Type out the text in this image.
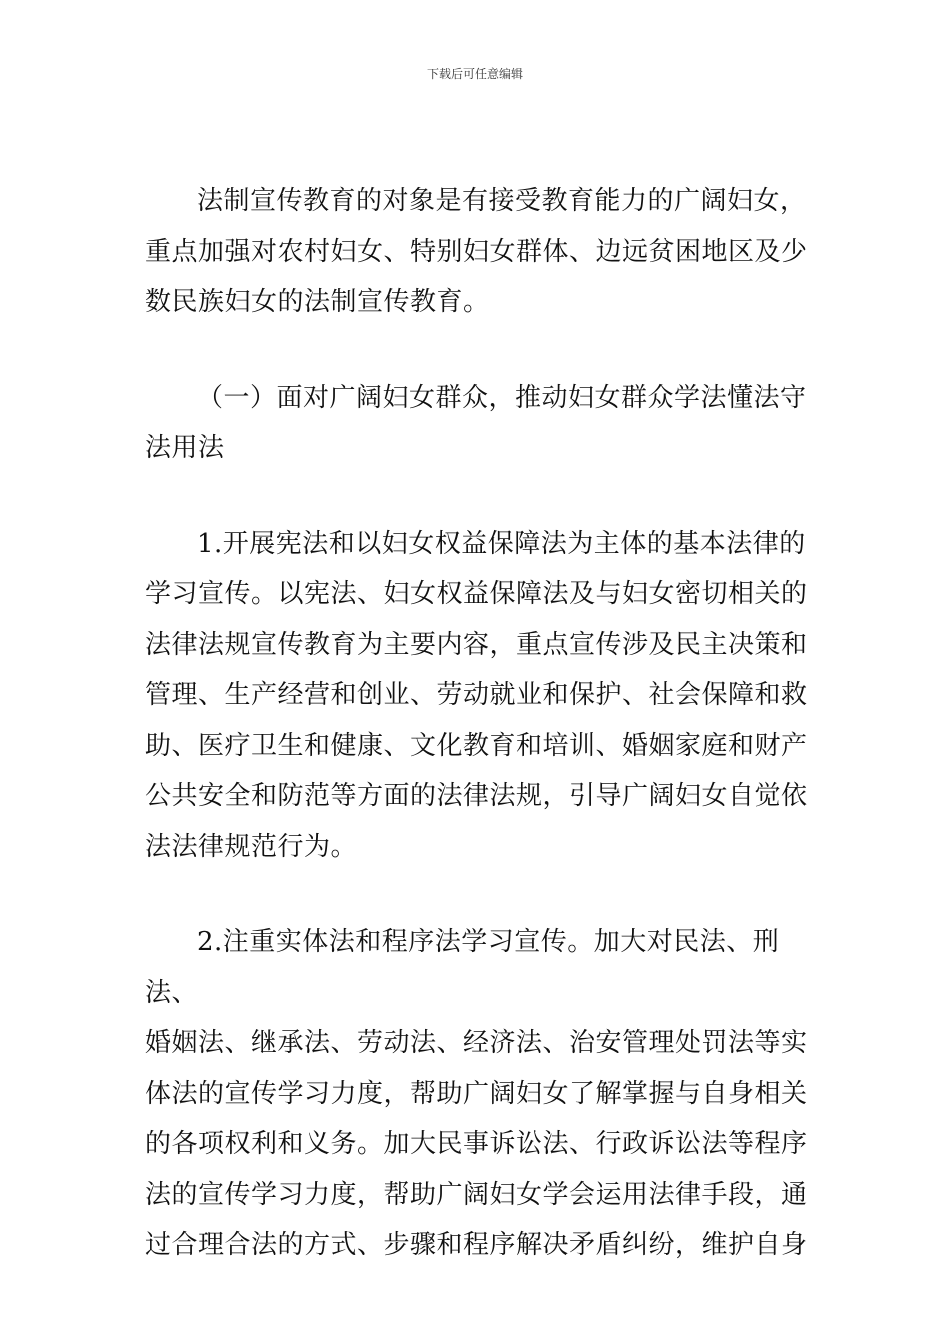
下载后可任意编辑

法制宣传教育的对象是有接受教育能力的广阔妇女，
重点加强对农村妇女、特别妇女群体、边远贫困地区及少
数民族妇女的法制宣传教育。

（一）面对广阔妇女群众，推动妇女群众学法懂法守
法用法

1.开展宪法和以妇女权益保障法为主体的基本法律的
学习宣传。以宪法、妇女权益保障法及与妇女密切相关的
法律法规宣传教育为主要内容，重点宣传涉及民主决策和
管理、生产经营和创业、劳动就业和保护、社会保障和救
助、医疗卫生和健康、文化教育和培训、婚姻家庭和财产
公共安全和防范等方面的法律法规，引导广阔妇女自觉依
法法律规范行为。

2.注重实体法和程序法学习宣传。加大对民法、刑法、
婚姻法、继承法、劳动法、经济法、治安管理处罚法等实
体法的宣传学习力度，帮助广阔妇女了解掌握与自身相关
的各项权利和义务。加大民事诉讼法、行政诉讼法等程序
法的宣传学习力度，帮助广阔妇女学会运用法律手段，通
过合理合法的方式、步骤和程序解决矛盾纠纷，维护自身
